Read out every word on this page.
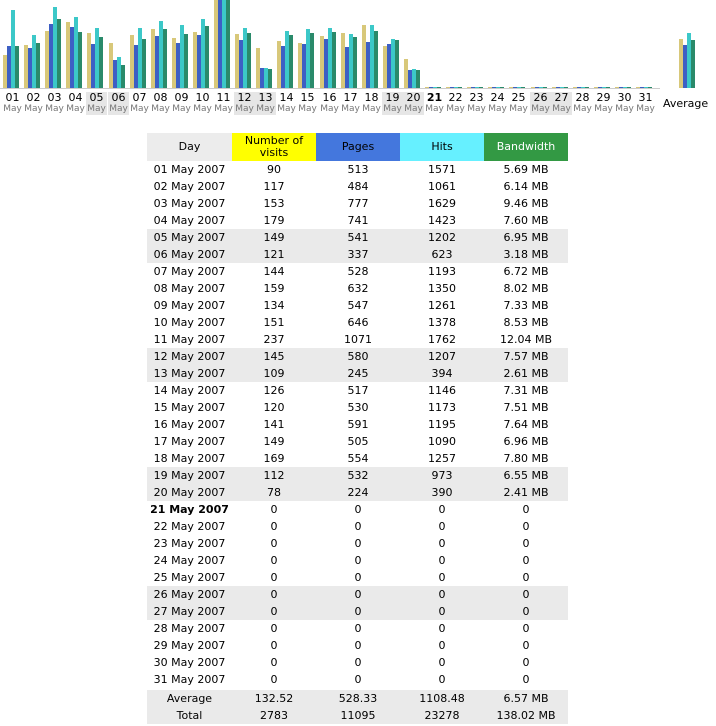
01
May
02
May
03
May
04
May
05
May
06
May
07
May
08
May
09
May
10
May
11
May
12
May
13
May
14
May
15
May
16
May
17
May
18
May
19
May
20
May
21
May
22
May
23
May
24
May
25
May
26
May
27
May
28
May
29
May
30
May
31
May Average
Day	Number of visits	Pages	Hits	Bandwidth
01 May 2007	90	513	1571	5.69 MB
02 May 2007	117	484	1061	6.14 MB
03 May 2007	153	777	1629	9.46 MB
04 May 2007	179	741	1423	7.60 MB
05 May 2007	149	541	1202	6.95 MB
06 May 2007	121	337	623	3.18 MB
07 May 2007	144	528	1193	6.72 MB
08 May 2007	159	632	1350	8.02 MB
09 May 2007	134	547	1261	7.33 MB
10 May 2007	151	646	1378	8.53 MB
11 May 2007	237	1071	1762	12.04 MB
12 May 2007	145	580	1207	7.57 MB
13 May 2007	109	245	394	2.61 MB
14 May 2007	126	517	1146	7.31 MB
15 May 2007	120	530	1173	7.51 MB
16 May 2007	141	591	1195	7.64 MB
17 May 2007	149	505	1090	6.96 MB
18 May 2007	169	554	1257	7.80 MB
19 May 2007	112	532	973	6.55 MB
20 May 2007	78	224	390	2.41 MB
21 May 2007	0	0	0	0
22 May 2007	0	0	0	0
23 May 2007	0	0	0	0
24 May 2007	0	0	0	0
25 May 2007	0	0	0	0
26 May 2007	0	0	0	0
27 May 2007	0	0	0	0
28 May 2007	0	0	0	0
29 May 2007	0	0	0	0
30 May 2007	0	0	0	0
31 May 2007	0	0	0	0

Average	132.52	528.33	1108.48	6.57 MB
Total	2783	11095	23278	138.02 MB
